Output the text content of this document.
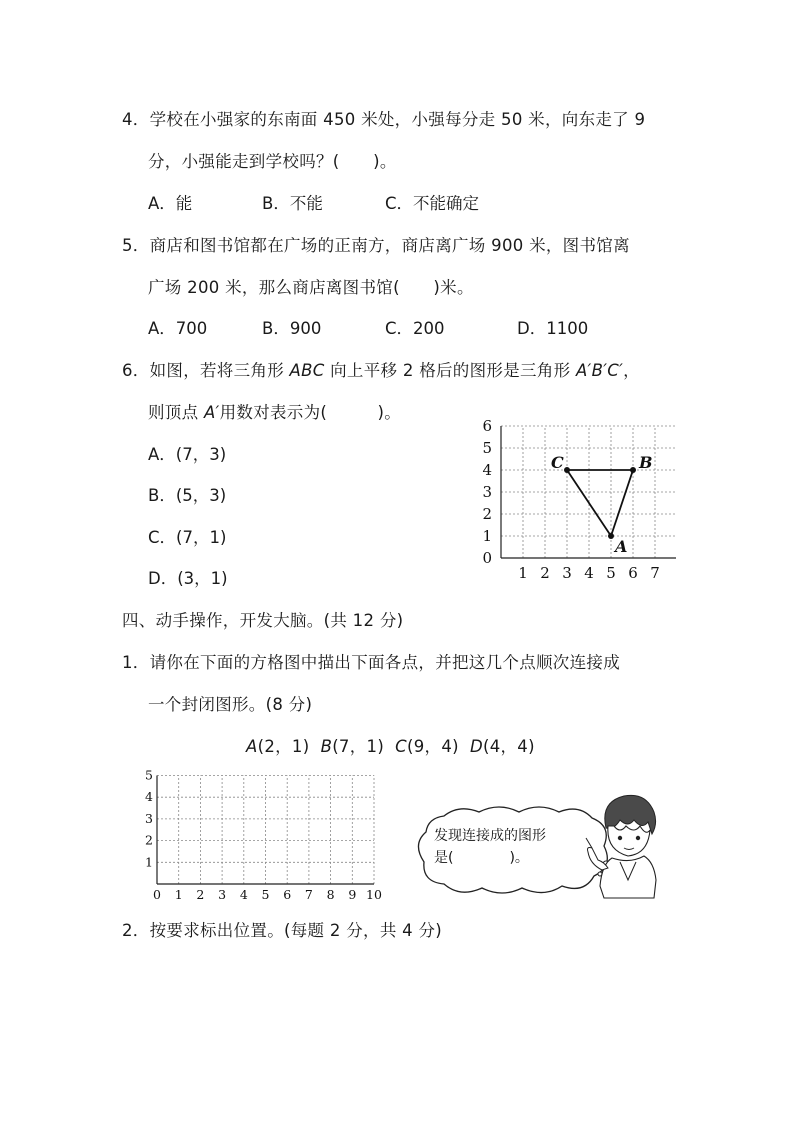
4．学校在小强家的东南面 450 米处，小强每分走 50 米，向东走了 9
分，小强能走到学校吗？(　　)。
A．能	B．不能	C．不能确定
5．商店和图书馆都在广场的正南方，商店离广场 900 米，图书馆离
广场 200 米，那么商店离图书馆(　　)米。
A．700	B．900	C．200	D．1100
6．如图，若将三角形 ABC 向上平移 2 格后的图形是三角形 A′B′C′，
则顶点 A′用数对表示为(　　　)。
A．(7，3)
B．(5，3)
C．(7，1)
D．(3，1)	1 2 3 4 5 6 7
0
1
2
3
4
5
6
A
B
C
四、动手操作，开发大脑。(共 12 分)
1．请你在下面的方格图中描出下面各点，并把这几个点顺次连接成
一个封闭图形。(8 分)
A(2，1) B(7，1) C(9，4) D(4，4)
0 1 2 3 4 5 6 7 8 9 10
1
2
3
4
5
发现连接成的图形
是(　　　　)。
2．按要求标出位置。(每题 2 分，共 4 分)
